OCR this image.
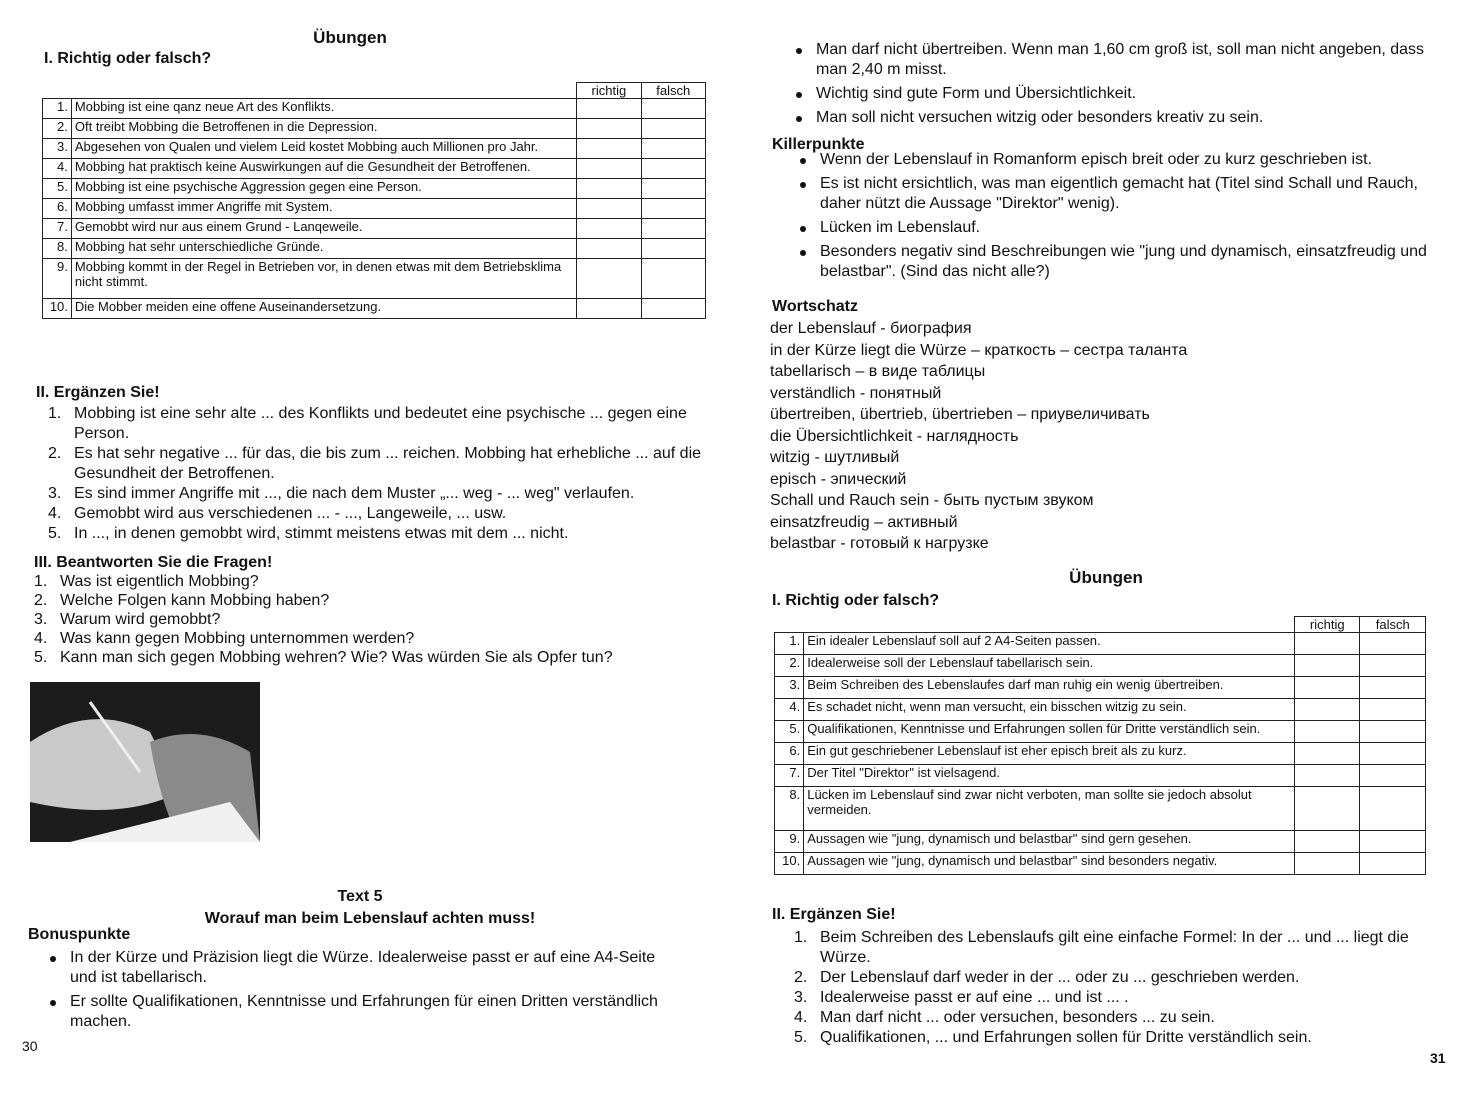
Übungen
I. Richtig oder falsch?
		richtig	falsch
1.	Mobbing ist eine qanz neue Art des Konflikts.		
2.	Oft treibt Mobbing die Betroffenen in die Depression.		
3.	Abgesehen von Qualen und vielem Leid kostet Mobbing auch Millionen pro Jahr.		
4.	Mobbing hat praktisch keine Auswirkungen auf die Gesundheit der Betroffenen.		
5.	Mobbing ist eine psychische Aggression gegen eine Person.		
6.	Mobbing umfasst immer Angriffe mit System.		
7.	Gemobbt wird nur aus einem Grund - Lanqeweile.		
8.	Mobbing hat sehr unterschiedliche Gründe.		
9.	Mobbing kommt in der Regel in Betrieben vor, in denen etwas mit dem Betriebsklima nicht stimmt.		
10.	Die Mobber meiden eine offene Auseinandersetzung.		
II. Ergänzen Sie!
1. Mobbing ist eine sehr alte ... des Konflikts und bedeutet eine psychische ... gegen eine Person.
2. Es hat sehr negative ... für das, die bis zum ... reichen. Mobbing hat erhebliche ... auf die Gesundheit der Betroffenen.
3. Es sind immer Angriffe mit ..., die nach dem Muster „... weg - ... weg" verlaufen.
4. Gemobbt wird aus verschiedenen ... - ..., Langeweile, ... usw.
5. In ..., in denen gemobbt wird, stimmt meistens etwas mit dem ... nicht.
III. Beantworten Sie die Fragen!
1. Was ist eigentlich Mobbing?
2. Welche Folgen kann Mobbing haben?
3. Warum wird gemobbt?
4. Was kann gegen Mobbing unternommen werden?
5. Kann man sich gegen Mobbing wehren? Wie? Was würden Sie als Opfer tun?
Text 5
Worauf man beim Lebenslauf achten muss!
Bonuspunkte
In der Kürze und Präzision liegt die Würze. Idealerweise passt er auf eine A4-Seite und ist tabellarisch.
Er sollte Qualifikationen, Kenntnisse und Erfahrungen für einen Dritten verständlich machen.
30
Man darf nicht übertreiben. Wenn man 1,60 cm groß ist, soll man nicht angeben, dass man 2,40 m misst.
Wichtig sind gute Form und Übersichtlichkeit.
Man soll nicht versuchen witzig oder besonders kreativ zu sein.
Killerpunkte
Wenn der Lebenslauf in Romanform episch breit oder zu kurz geschrieben ist.
Es ist nicht ersichtlich, was man eigentlich gemacht hat (Titel sind Schall und Rauch, daher nützt die Aussage "Direktor" wenig).
Lücken im Lebenslauf.
Besonders negativ sind Beschreibungen wie "jung und dynamisch, einsatzfreudig und belastbar". (Sind das nicht alle?)
Wortschatz
der Lebenslauf - биография
in der Kürze liegt die Würze – краткость – сестра таланта
tabellarisch – в виде таблицы
verständlich - понятный
übertreiben, übertrieb, übertrieben – приувеличивать
die Übersichtlichkeit - наглядность
witzig - шутливый
episch - эпический
Schall und Rauch sein - быть пустым звуком
einsatzfreudig – активный
belastbar - готовый к нагрузке
Übungen
I. Richtig oder falsch?
		richtig	falsch
1.	Ein idealer Lebenslauf soll auf 2 A4-Seiten passen.		
2.	Idealerweise soll der Lebenslauf tabellarisch sein.		
3.	Beim Schreiben des Lebenslaufes darf man ruhig ein wenig übertreiben.		
4.	Es schadet nicht, wenn man versucht, ein bisschen witzig zu sein.		
5.	Qualifikationen, Kenntnisse und Erfahrungen sollen für Dritte verständlich sein.		
6.	Ein gut geschriebener Lebenslauf ist eher episch breit als zu kurz.		
7.	Der Titel "Direktor" ist vielsagend.		
8.	Lücken im Lebenslauf sind zwar nicht verboten, man sollte sie jedoch absolut vermeiden.		
9.	Aussagen wie "jung, dynamisch und belastbar" sind gern gesehen.		
10.	Aussagen wie "jung, dynamisch und belastbar" sind besonders negativ.		
II. Ergänzen Sie!
1. Beim Schreiben des Lebenslaufs gilt eine einfache Formel: In der ... und ... liegt die Würze.
2. Der Lebenslauf darf weder in der ... oder zu ... geschrieben werden.
3. Idealerweise passt er auf eine ... und ist ... .
4. Man darf nicht ... oder versuchen, besonders ... zu sein.
5. Qualifikationen, ... und Erfahrungen sollen für Dritte verständlich sein.
31
